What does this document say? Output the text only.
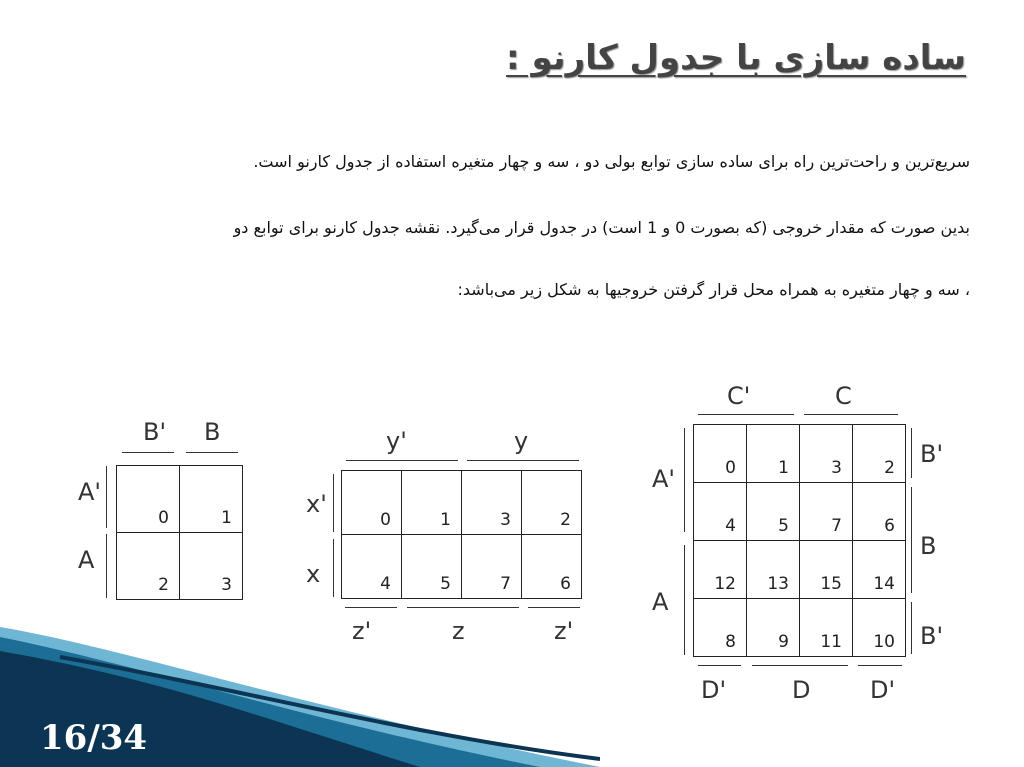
ساده سازی با جدول کارنو :
سریع‌ترین و راحت‌ترین راه برای ساده سازی توابع بولی دو ، سه و چهار متغیره استفاده از جدول کارنو است.
بدین صورت که مقدار خروجی (که بصورت 0 و 1 است) در جدول قرار می‌گیرد. نقشه جدول کارنو برای توابع دو
، سه و چهار متغیره به همراه محل قرار گرفتن خروجیها به شکل زیر می‌باشد:
B' B
A'
A
0	1
2	3
y'	y
x'
x
0	1	3	2
4	5	7	6
z'	z	z'
C'	C
A'
A
0	1	3	2
4	5	7	6
12	13	15	14
8	9	11	10
B'
B
B'
D'	D D'
16/34
